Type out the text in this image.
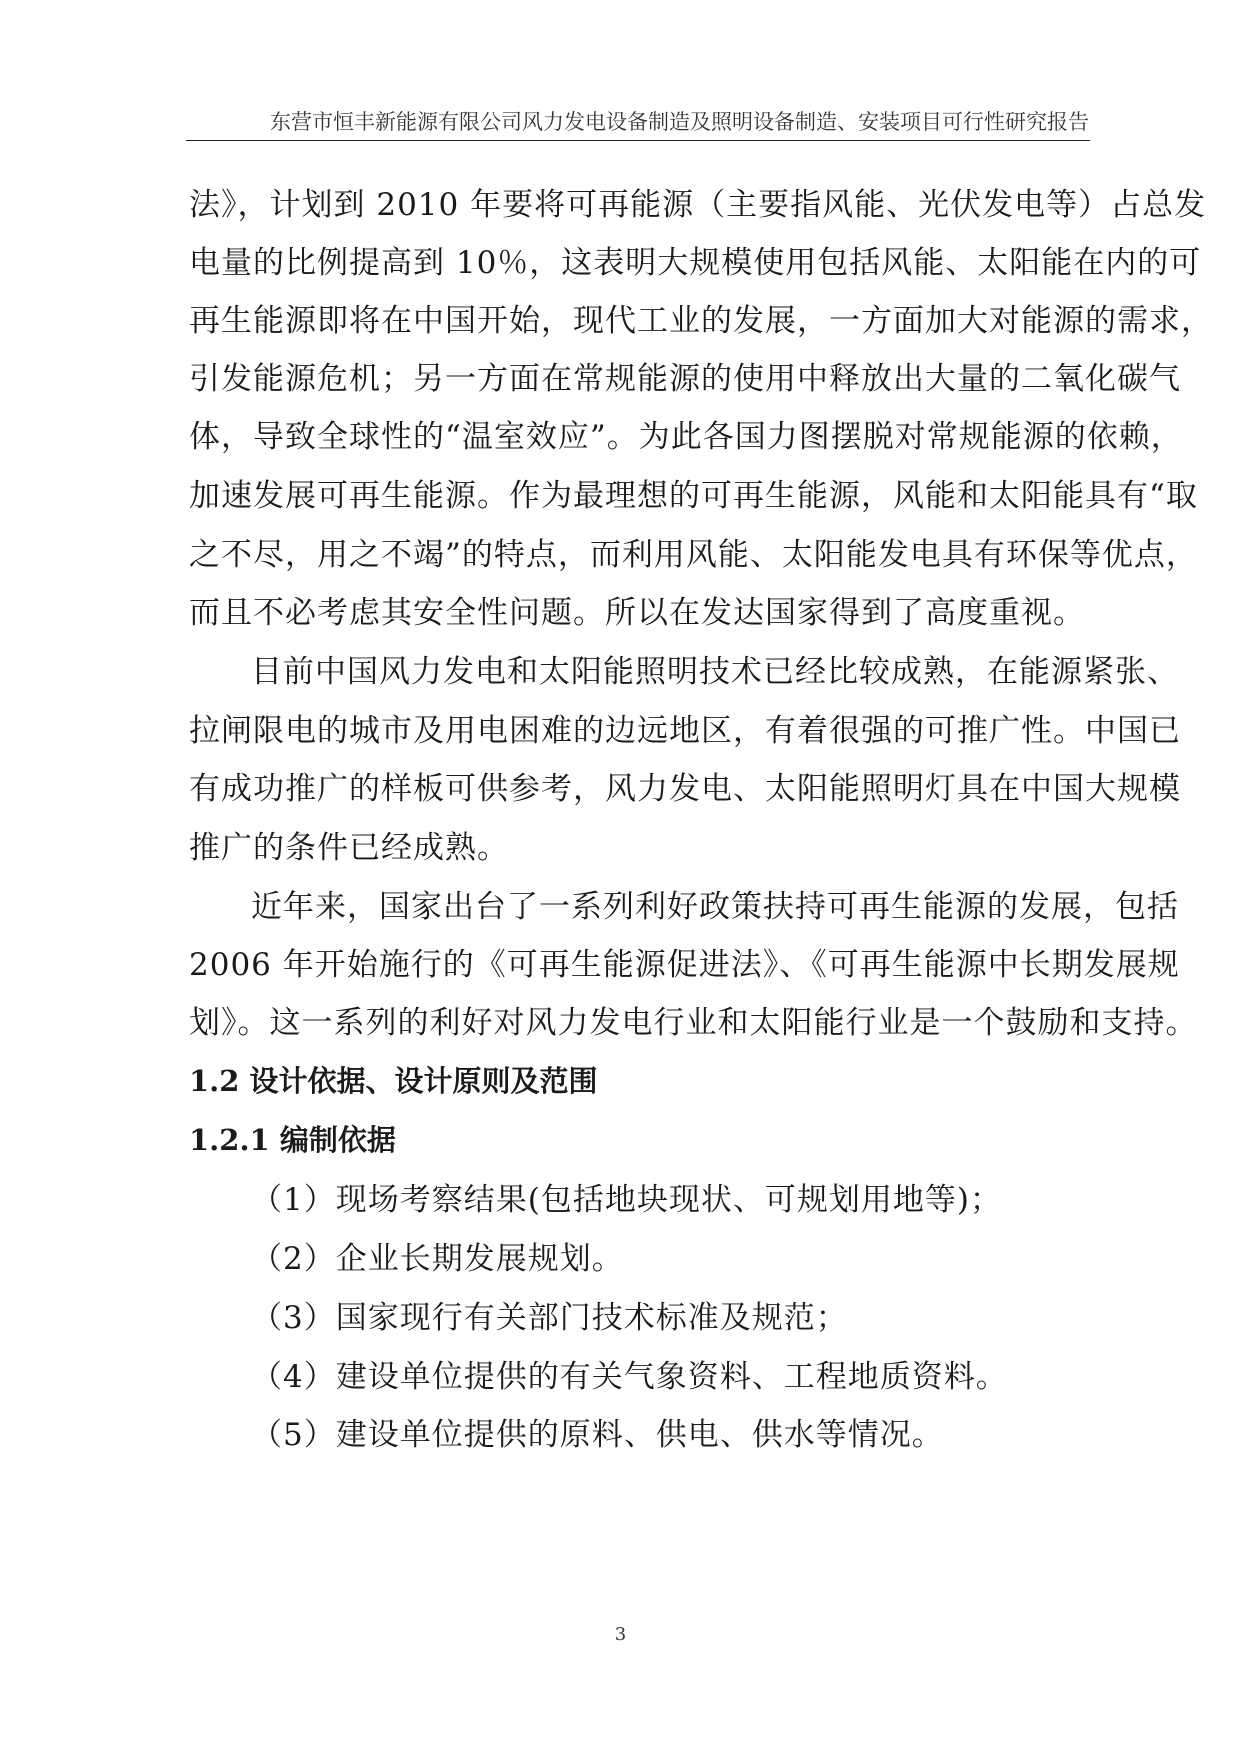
东营市恒丰新能源有限公司风力发电设备制造及照明设备制造、安装项目可行性研究报告
法》，计划到 2010 年要将可再能源（主要指风能、光伏发电等）占总发
电量的比例提高到 10％，这表明大规模使用包括风能、太阳能在内的可
再生能源即将在中国开始，现代工业的发展，一方面加大对能源的需求，
引发能源危机；另一方面在常规能源的使用中释放出大量的二氧化碳气
体，导致全球性的“温室效应”。为此各国力图摆脱对常规能源的依赖，
加速发展可再生能源。作为最理想的可再生能源，风能和太阳能具有“取
之不尽，用之不竭”的特点，而利用风能、太阳能发电具有环保等优点，
而且不必考虑其安全性问题。所以在发达国家得到了高度重视。
目前中国风力发电和太阳能照明技术已经比较成熟，在能源紧张、
拉闸限电的城市及用电困难的边远地区，有着很强的可推广性。中国已
有成功推广的样板可供参考，风力发电、太阳能照明灯具在中国大规模
推广的条件已经成熟。
近年来，国家出台了一系列利好政策扶持可再生能源的发展，包括
2006 年开始施行的《可再生能源促进法》、《可再生能源中长期发展规
划》。这一系列的利好对风力发电行业和太阳能行业是一个鼓励和支持。
1.2 设计依据、设计原则及范围
1.2.1 编制依据
（1）现场考察结果(包括地块现状、可规划用地等)；
（2）企业长期发展规划。
（3）国家现行有关部门技术标准及规范；
（4）建设单位提供的有关气象资料、工程地质资料。
（5）建设单位提供的原料、供电、供水等情况。
3
